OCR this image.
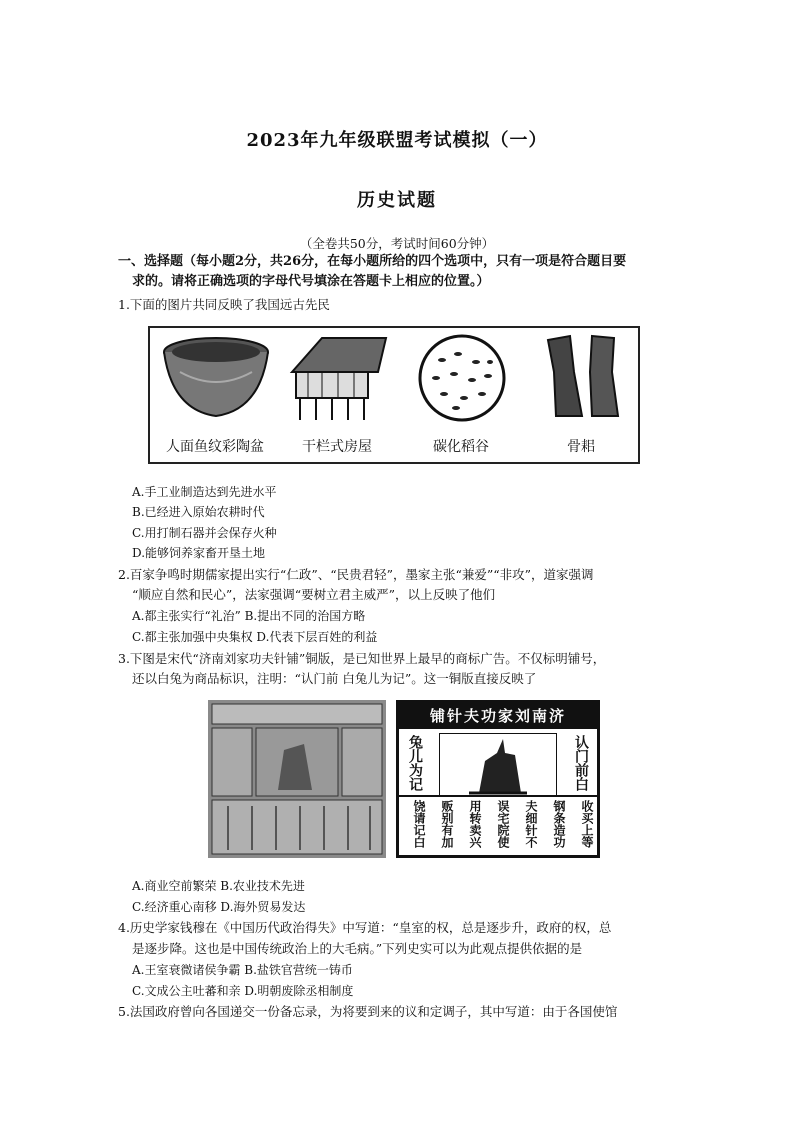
2023年九年级联盟考试模拟（一）
历史试题
（全卷共50分，考试时间60分钟）
一、选择题（每小题2分，共26分，在每小题所给的四个选项中，只有一项是符合题目要
求的。请将正确选项的字母代号填涂在答题卡上相应的位置。）
1.下面的图片共同反映了我国远古先民
人面鱼纹彩陶盆	干栏式房屋	碳化稻谷	骨耜
A.手工业制造达到先进水平
B.已经进入原始农耕时代
C.用打制石器并会保存火种
D.能够饲养家畜开垦土地
2.百家争鸣时期儒家提出实行“仁政”、“民贵君轻”，墨家主张“兼爱”“非攻”，道家强调
“顺应自然和民心”，法家强调“要树立君主威严”，以上反映了他们
A.都主张实行“礼治” B.提出不同的治国方略
C.都主张加强中央集权 D.代表下层百姓的利益
3.下图是宋代“济南刘家功夫针铺”铜版，是已知世界上最早的商标广告。不仅标明铺号，
还以白兔为商品标识，注明：“认门前 白兔儿为记”。这一铜版直接反映了
铺针夫功家刘南济
兔儿为记	认门前白
收买上等
钢条造功
夫细针不
误宅院使
用转卖兴
贩别有加
饶请记白
A.商业空前繁荣 B.农业技术先进
C.经济重心南移 D.海外贸易发达
4.历史学家钱穆在《中国历代政治得失》中写道：“皇室的权，总是逐步升，政府的权，总
是逐步降。这也是中国传统政治上的大毛病。”下列史实可以为此观点提供依据的是
A.王室衰微诸侯争霸 B.盐铁官营统一铸币
C.文成公主吐蕃和亲 D.明朝废除丞相制度
5.法国政府曾向各国递交一份备忘录，为将要到来的议和定调子，其中写道：由于各国使馆
